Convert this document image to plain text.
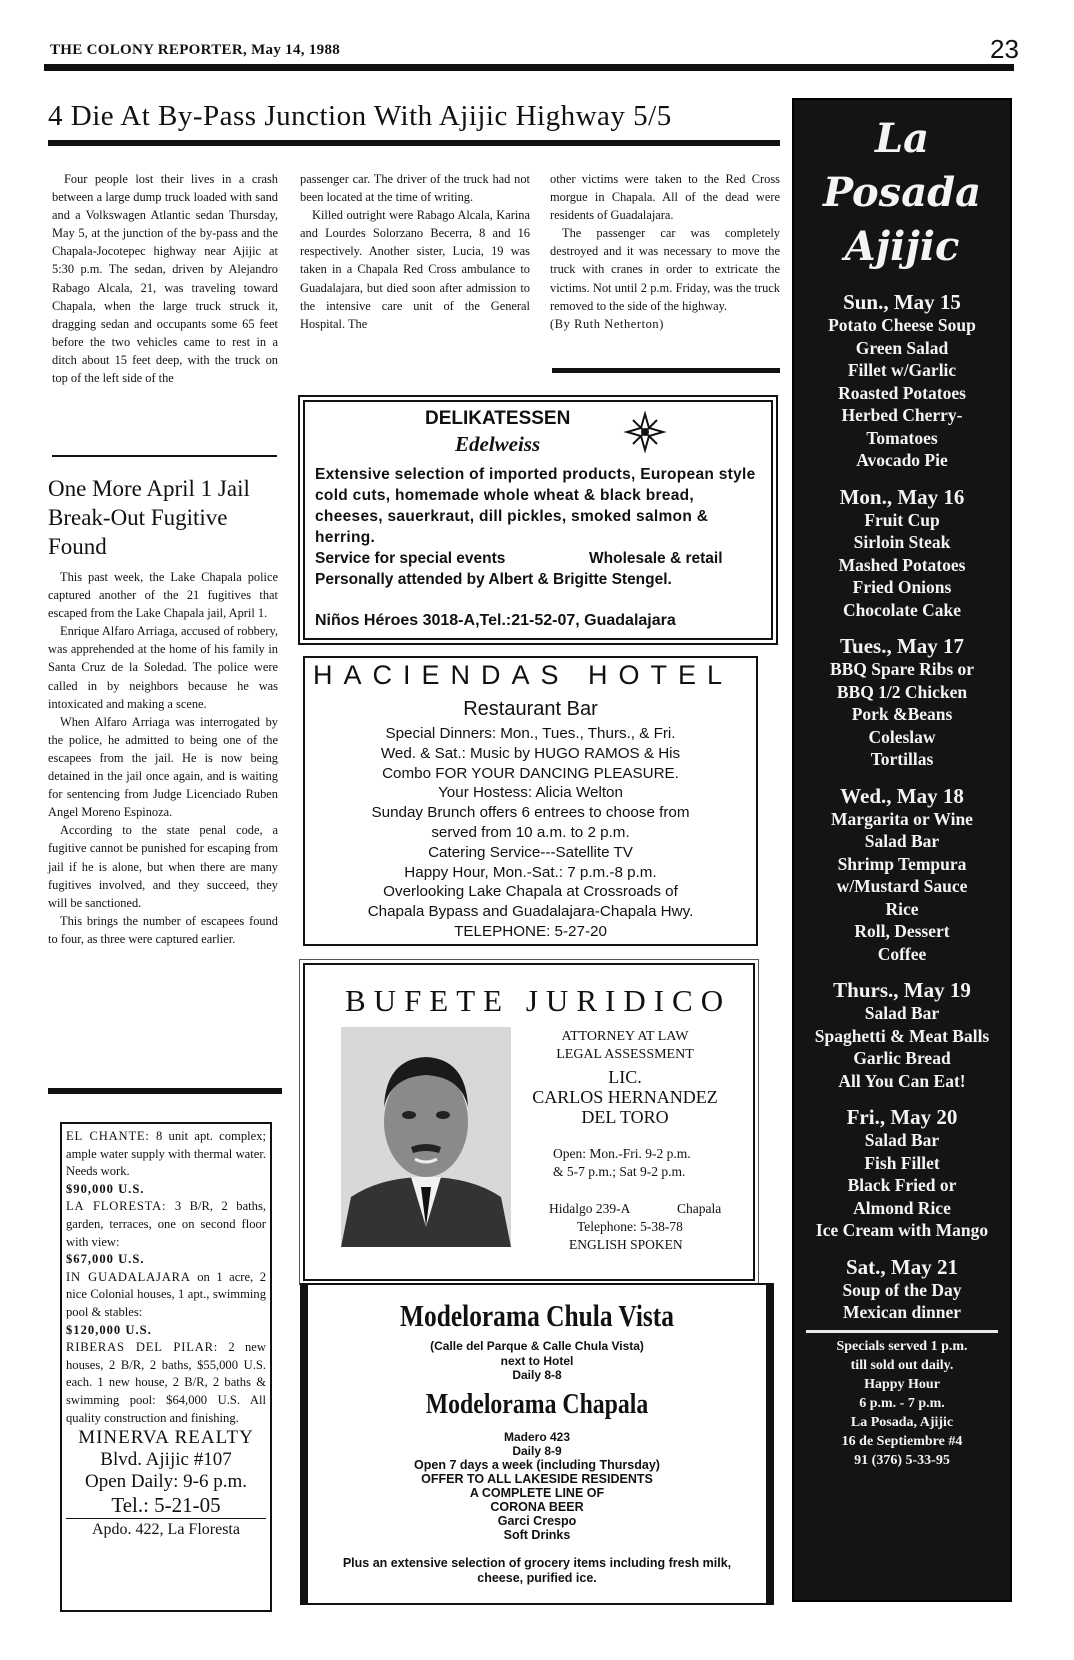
THE COLONY REPORTER, May 14, 1988	23
4 Die At By-Pass Junction With Ajijic Highway 5/5

Four people lost their lives in a crash between a large dump truck loaded with sand and a Volkswagen Atlantic sedan Thursday, May 5, at the junction of the by-pass and the Chapala-Jocotepec highway near Ajijic at 5:30 p.m. The sedan, driven by Alejandro Rabago Alcala, 21, was traveling toward Chapala, when the large truck struck it, dragging sedan and occupants some 65 feet before the two vehicles came to rest in a ditch about 15 feet deep, with the truck on top of the left side of the

passenger car. The driver of the truck had not been located at the time of writing.

Killed outright were Rabago Alcala, Karina and Lourdes Solorzano Becerra, 8 and 16 respectively. Another sister, Lucia, 19 was taken in a Chapala Red Cross ambulance to Guadalajara, but died soon after admission to the intensive care unit of the General Hospital. The

other victims were taken to the Red Cross morgue in Chapala. All of the dead were residents of Guadalajara.

The passenger car was completely destroyed and it was necessary to move the truck with cranes in order to extricate the victims. Not until 2 p.m. Friday, was the truck removed to the side of the highway.

(By Ruth Netherton)

One More April 1 Jail Break-Out Fugitive Found

This past week, the Lake Chapala police captured another of the 21 fugitives that escaped from the Lake Chapala jail, April 1.

Enrique Alfaro Arriaga, accused of robbery, was apprehended at the home of his family in Santa Cruz de la Soledad. The police were called in by neighbors because he was intoxicated and making a scene.

When Alfaro Arriaga was interrogated by the police, he admitted to being one of the escapees from the jail. He is now being detained in the jail once again, and is waiting for sentencing from Judge Licenciado Ruben Angel Moreno Espinoza.

According to the state penal code, a fugitive cannot be punished for escaping from jail if he is alone, but when there are many fugitives involved, and they succeed, they will be sanctioned.

This brings the number of escapees found to four, as three were captured earlier.

EL CHANTE: 8 unit apt. complex; ample water supply with thermal water. Needs work.
$90,000 U.S.
LA FLORESTA: 3 B/R, 2 baths, garden, terraces, one on second floor with view:
$67,000 U.S.
IN GUADALAJARA on 1 acre, 2 nice Colonial houses, 1 apt., swimming pool & stables:
$120,000 U.S.
RIBERAS DEL PILAR: 2 new houses, 2 B/R, 2 baths, $55,000 U.S. each. 1 new house, 2 B/R, 2 baths & swimming pool: $64,000 U.S. All quality construction and finishing.
MINERVA REALTY
Blvd. Ajijic #107
Open Daily: 9-6 p.m.
Tel.: 5-21-05
Apdo. 422, La Floresta
DELIKATESSEN
Edelweiss
Extensive selection of imported products, European style cold cuts, homemade whole wheat & black bread, cheeses, sauerkraut, dill pickles, smoked salmon & herring.
Service for special events	Wholesale & retail
Personally attended by Albert & Brigitte Stengel.
Niños Héroes 3018-A,Tel.:21-52-07, Guadalajara
HACIENDAS HOTEL
Restaurant Bar
Special Dinners: Mon., Tues., Thurs., & Fri.
Wed. & Sat.: Music by HUGO RAMOS & His
Combo FOR YOUR DANCING PLEASURE.
Your Hostess: Alicia Welton
Sunday Brunch offers 6 entrees to choose from
served from 10 a.m. to 2 p.m.
Catering Service---Satellite TV
Happy Hour, Mon.-Sat.: 7 p.m.-8 p.m.
Overlooking Lake Chapala at Crossroads of
Chapala Bypass and Guadalajara-Chapala Hwy.
TELEPHONE: 5-27-20
BUFETE JURIDICO
ATTORNEY AT LAW
LEGAL ASSESSMENT
LIC.
CARLOS HERNANDEZ
DEL TORO
Open: Mon.-Fri. 9-2 p.m.
& 5-7 p.m.; Sat 9-2 p.m.
Hidalgo 239-A	Chapala
Telephone: 5-38-78
ENGLISH SPOKEN
Modelorama Chula Vista
(Calle del Parque & Calle Chula Vista)
next to Hotel
Daily 8-8
Modelorama Chapala
Madero 423
Daily 8-9
Open 7 days a week (including Thursday)
OFFER TO ALL LAKESIDE RESIDENTS
A COMPLETE LINE OF
CORONA BEER
Garci Crespo
Soft Drinks
Plus an extensive selection of grocery items including fresh milk, cheese, purified ice.
La
Posada
Ajijic
Sun., May 15
Potato Cheese Soup
Green Salad
Fillet w/Garlic
Roasted Potatoes
Herbed Cherry-
Tomatoes
Avocado Pie
Mon., May 16
Fruit Cup
Sirloin Steak
Mashed Potatoes
Fried Onions
Chocolate Cake
Tues., May 17
BBQ Spare Ribs or
BBQ 1/2 Chicken
Pork &Beans
Coleslaw
Tortillas
Wed., May 18
Margarita or Wine
Salad Bar
Shrimp Tempura
w/Mustard Sauce
Rice
Roll, Dessert
Coffee
Thurs., May 19
Salad Bar
Spaghetti & Meat Balls
Garlic Bread
All You Can Eat!
Fri., May 20
Salad Bar
Fish Fillet
Black Fried or
Almond Rice
Ice Cream with Mango
Sat., May 21
Soup of the Day
Mexican dinner
Specials served 1 p.m.
till sold out daily.
Happy Hour
6 p.m. - 7 p.m.
La Posada, Ajijic
16 de Septiembre #4
91 (376) 5-33-95
